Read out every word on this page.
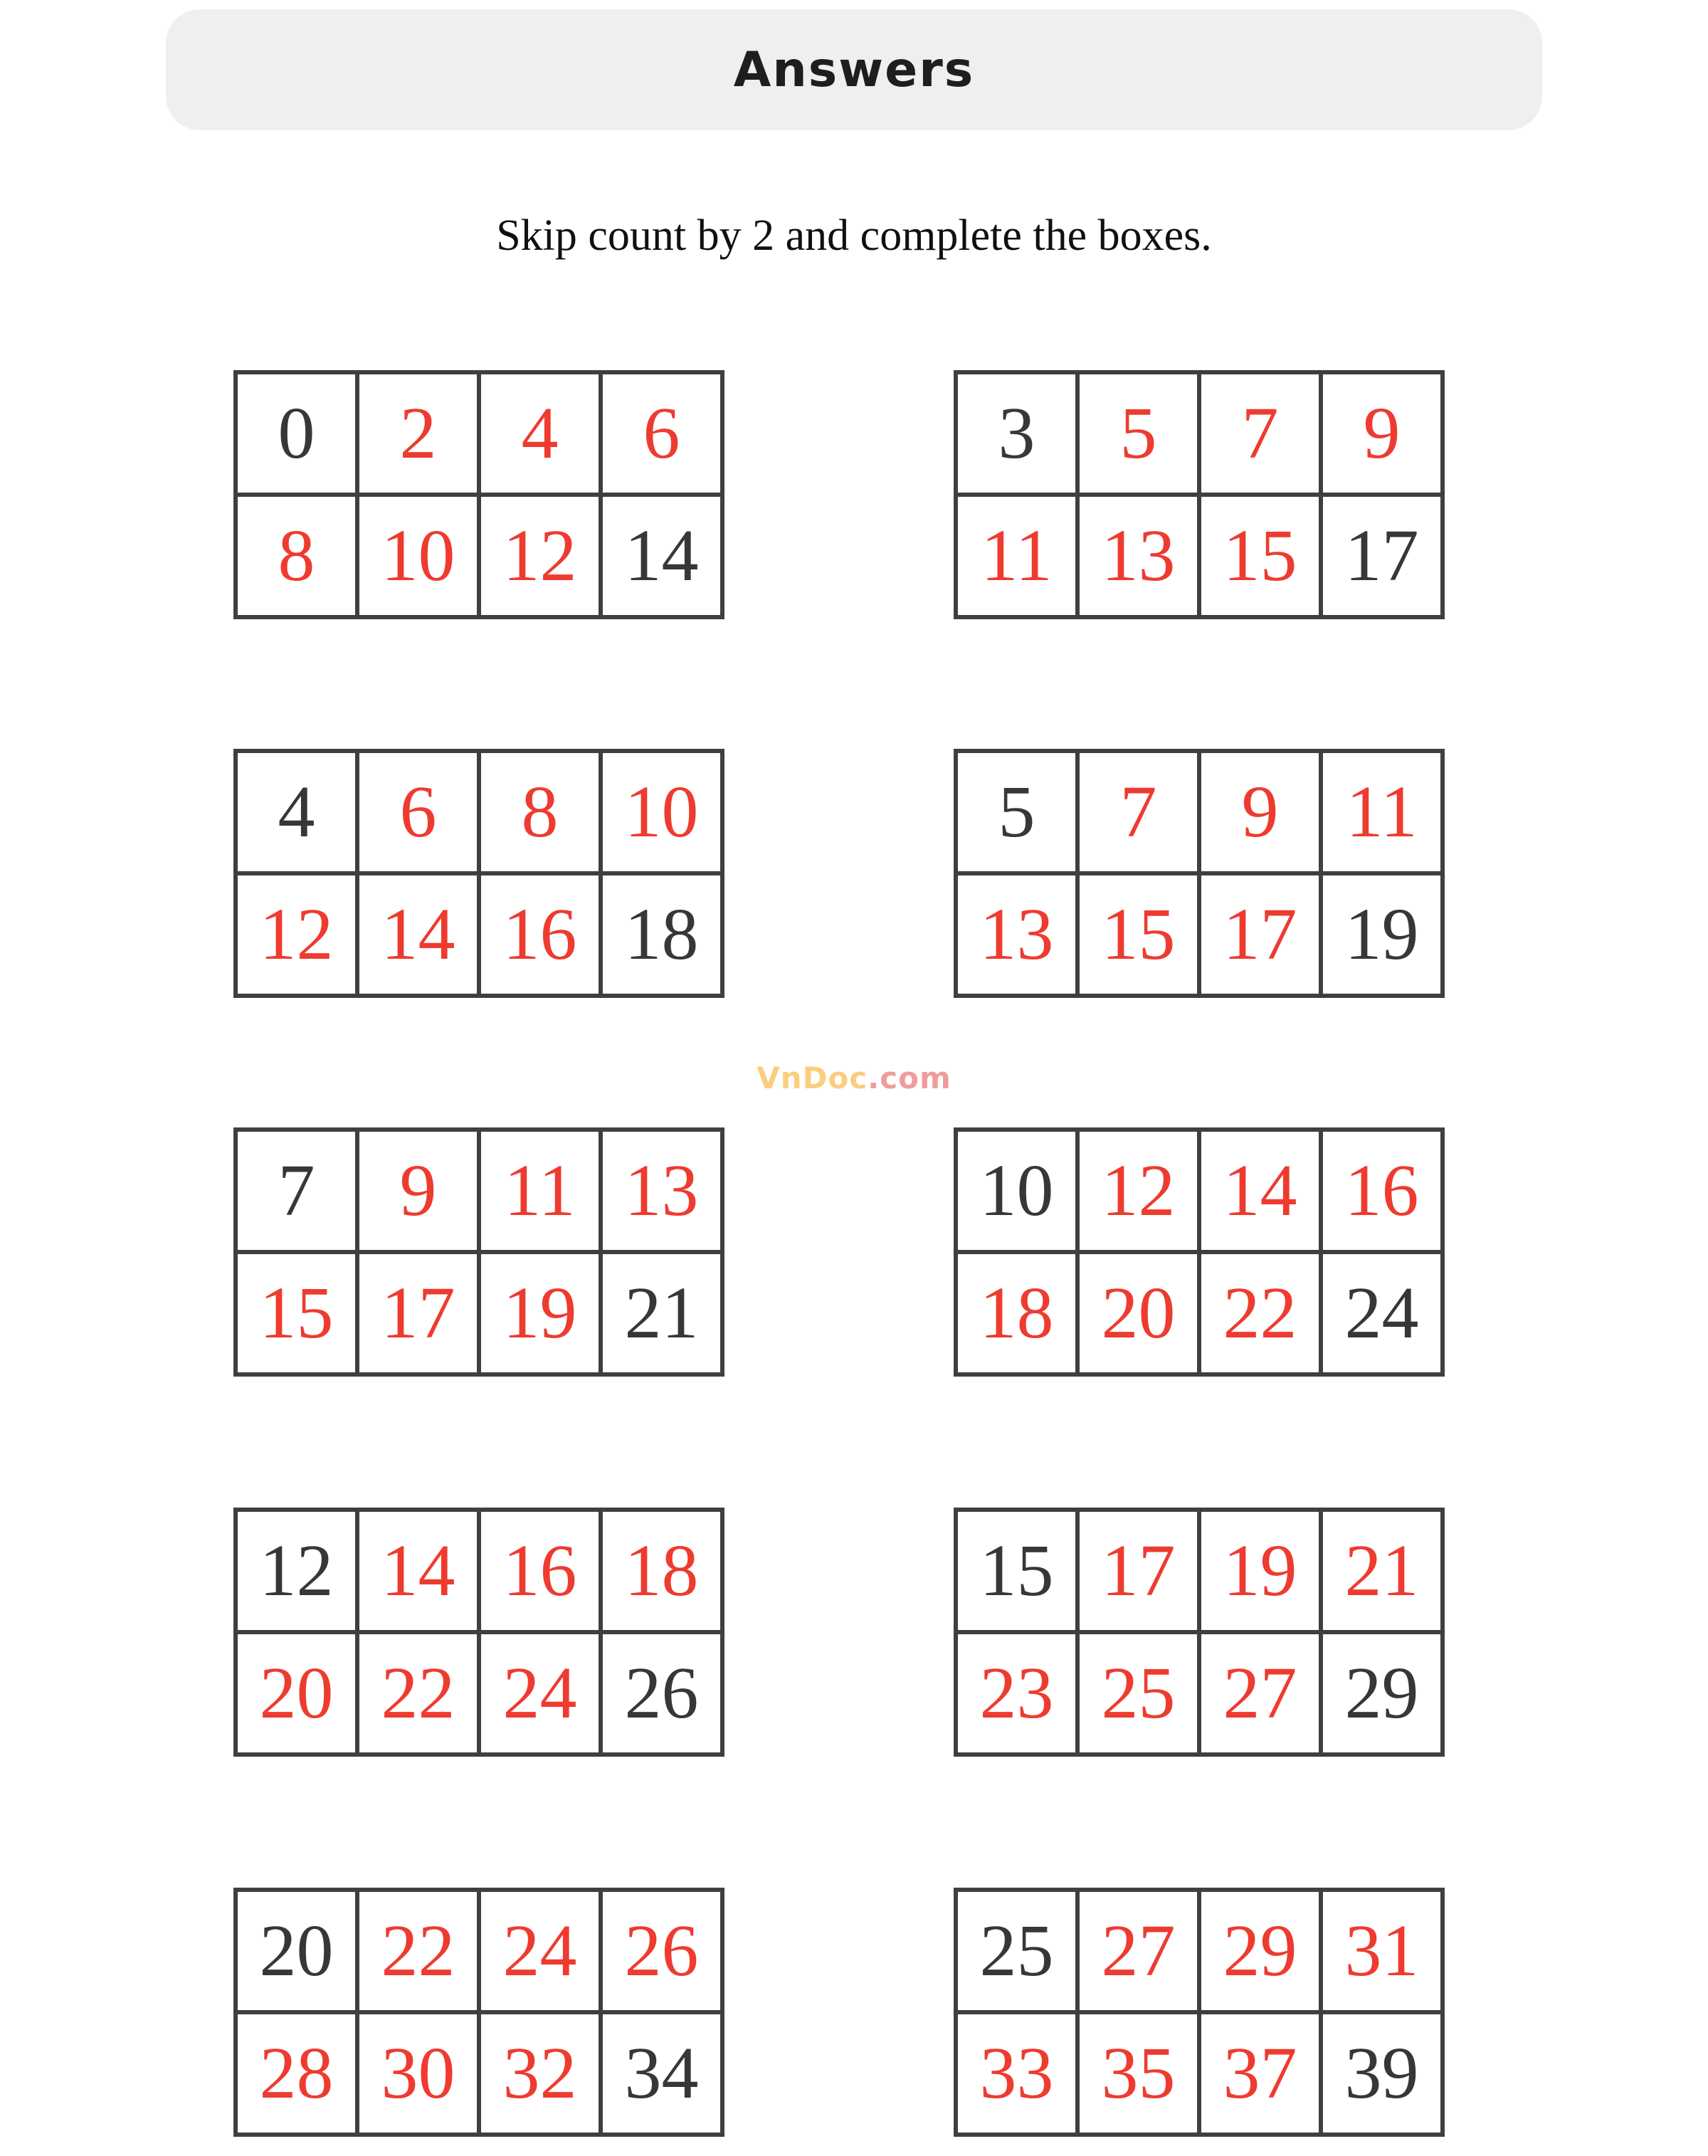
Answers
Skip count by 2 and complete the boxes.
0	2	4	6
8	10	12	14
3	5	7	9
11	13	15	17
4	6	8	10
12	14	16	18
5	7	9	11
13	15	17	19
7	9	11	13
15	17	19	21
10	12	14	16
18	20	22	24
12	14	16	18
20	22	24	26
15	17	19	21
23	25	27	29
20	22	24	26
28	30	32	34
25	27	29	31
33	35	37	39
VnDoc.com
